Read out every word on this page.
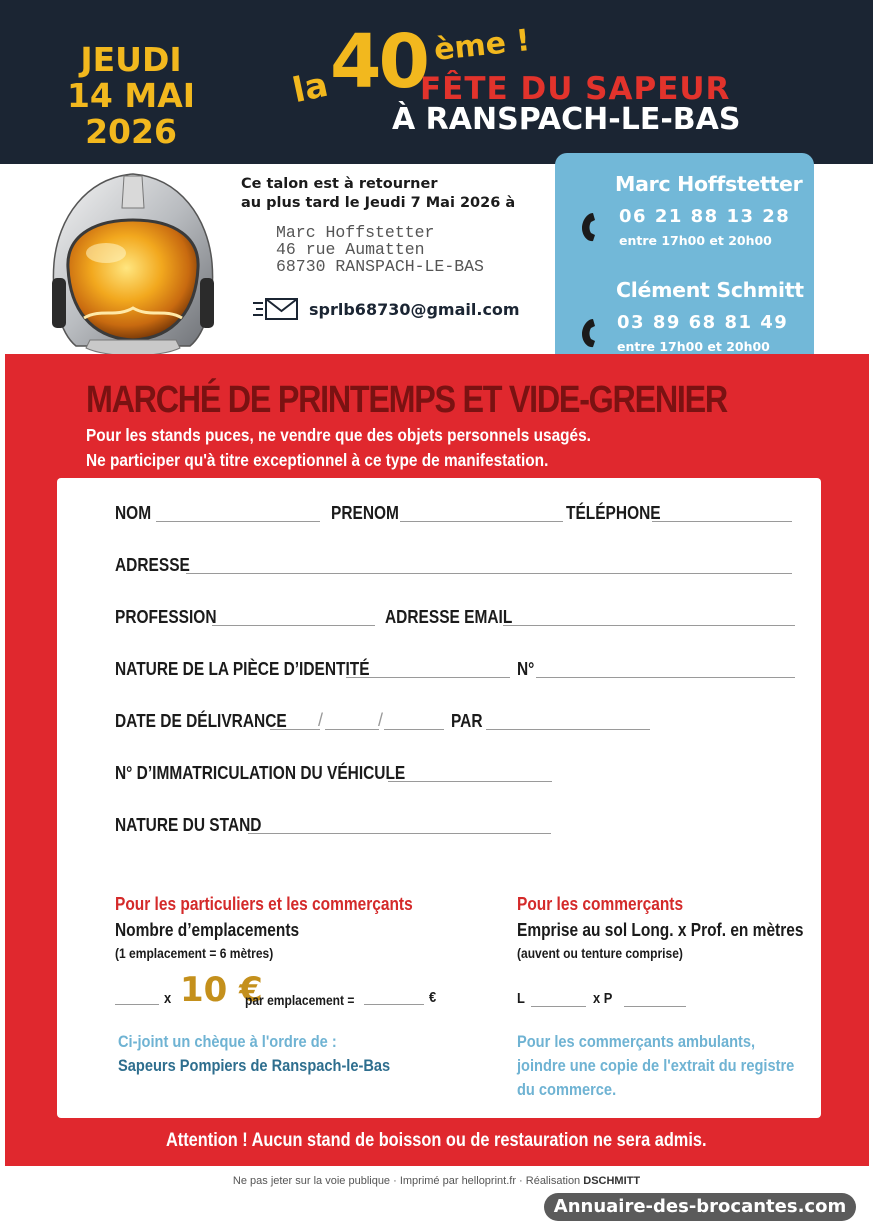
JEUDI
14 MAI
2026
la
40 ème !
FÊTE DU SAPEUR
À RANSPACH-LE-BAS
Ce talon est à retourner
au plus tard le Jeudi 7 Mai 2026 à
Marc Hoffstetter
46 rue Aumatten
68730 RANSPACH-LE-BAS
sprlb68730@gmail.com
Marc Hoffstetter
06 21 88 13 28
entre 17h00 et 20h00
Clément Schmitt
03 89 68 81 49
entre 17h00 et 20h00
MARCHÉ DE PRINTEMPS ET VIDE-GRENIER
Pour les stands puces, ne vendre que des objets personnels usagés.
Ne participer qu'à titre exceptionnel à ce type de manifestation.
NOM	PRENOM	TÉLÉPHONE
ADRESSE
PROFESSION	ADRESSE EMAIL
NATURE DE LA PIÈCE D’IDENTITÉ	N°
DATE DE DÉLIVRANCE /	/	PAR
N° D’IMMATRICULATION DU VÉHICULE
NATURE DU STAND
Pour les particuliers et les commerçants
Nombre d’emplacements
(1 emplacement = 6 mètres)
x 10 €
par emplacement =	€
Ci-joint un chèque à l'ordre de :
Sapeurs Pompiers de Ranspach-le-Bas
Pour les commerçants
Emprise au sol Long. x Prof. en mètres
(auvent ou tenture comprise)
L	x P
Pour les commerçants ambulants,
joindre une copie de l'extrait du registre
du commerce.
Attention ! Aucun stand de boisson ou de restauration ne sera admis.
Ne pas jeter sur la voie publique · Imprimé par helloprint.fr · Réalisation DSCHMITT
Annuaire-des-brocantes.com
